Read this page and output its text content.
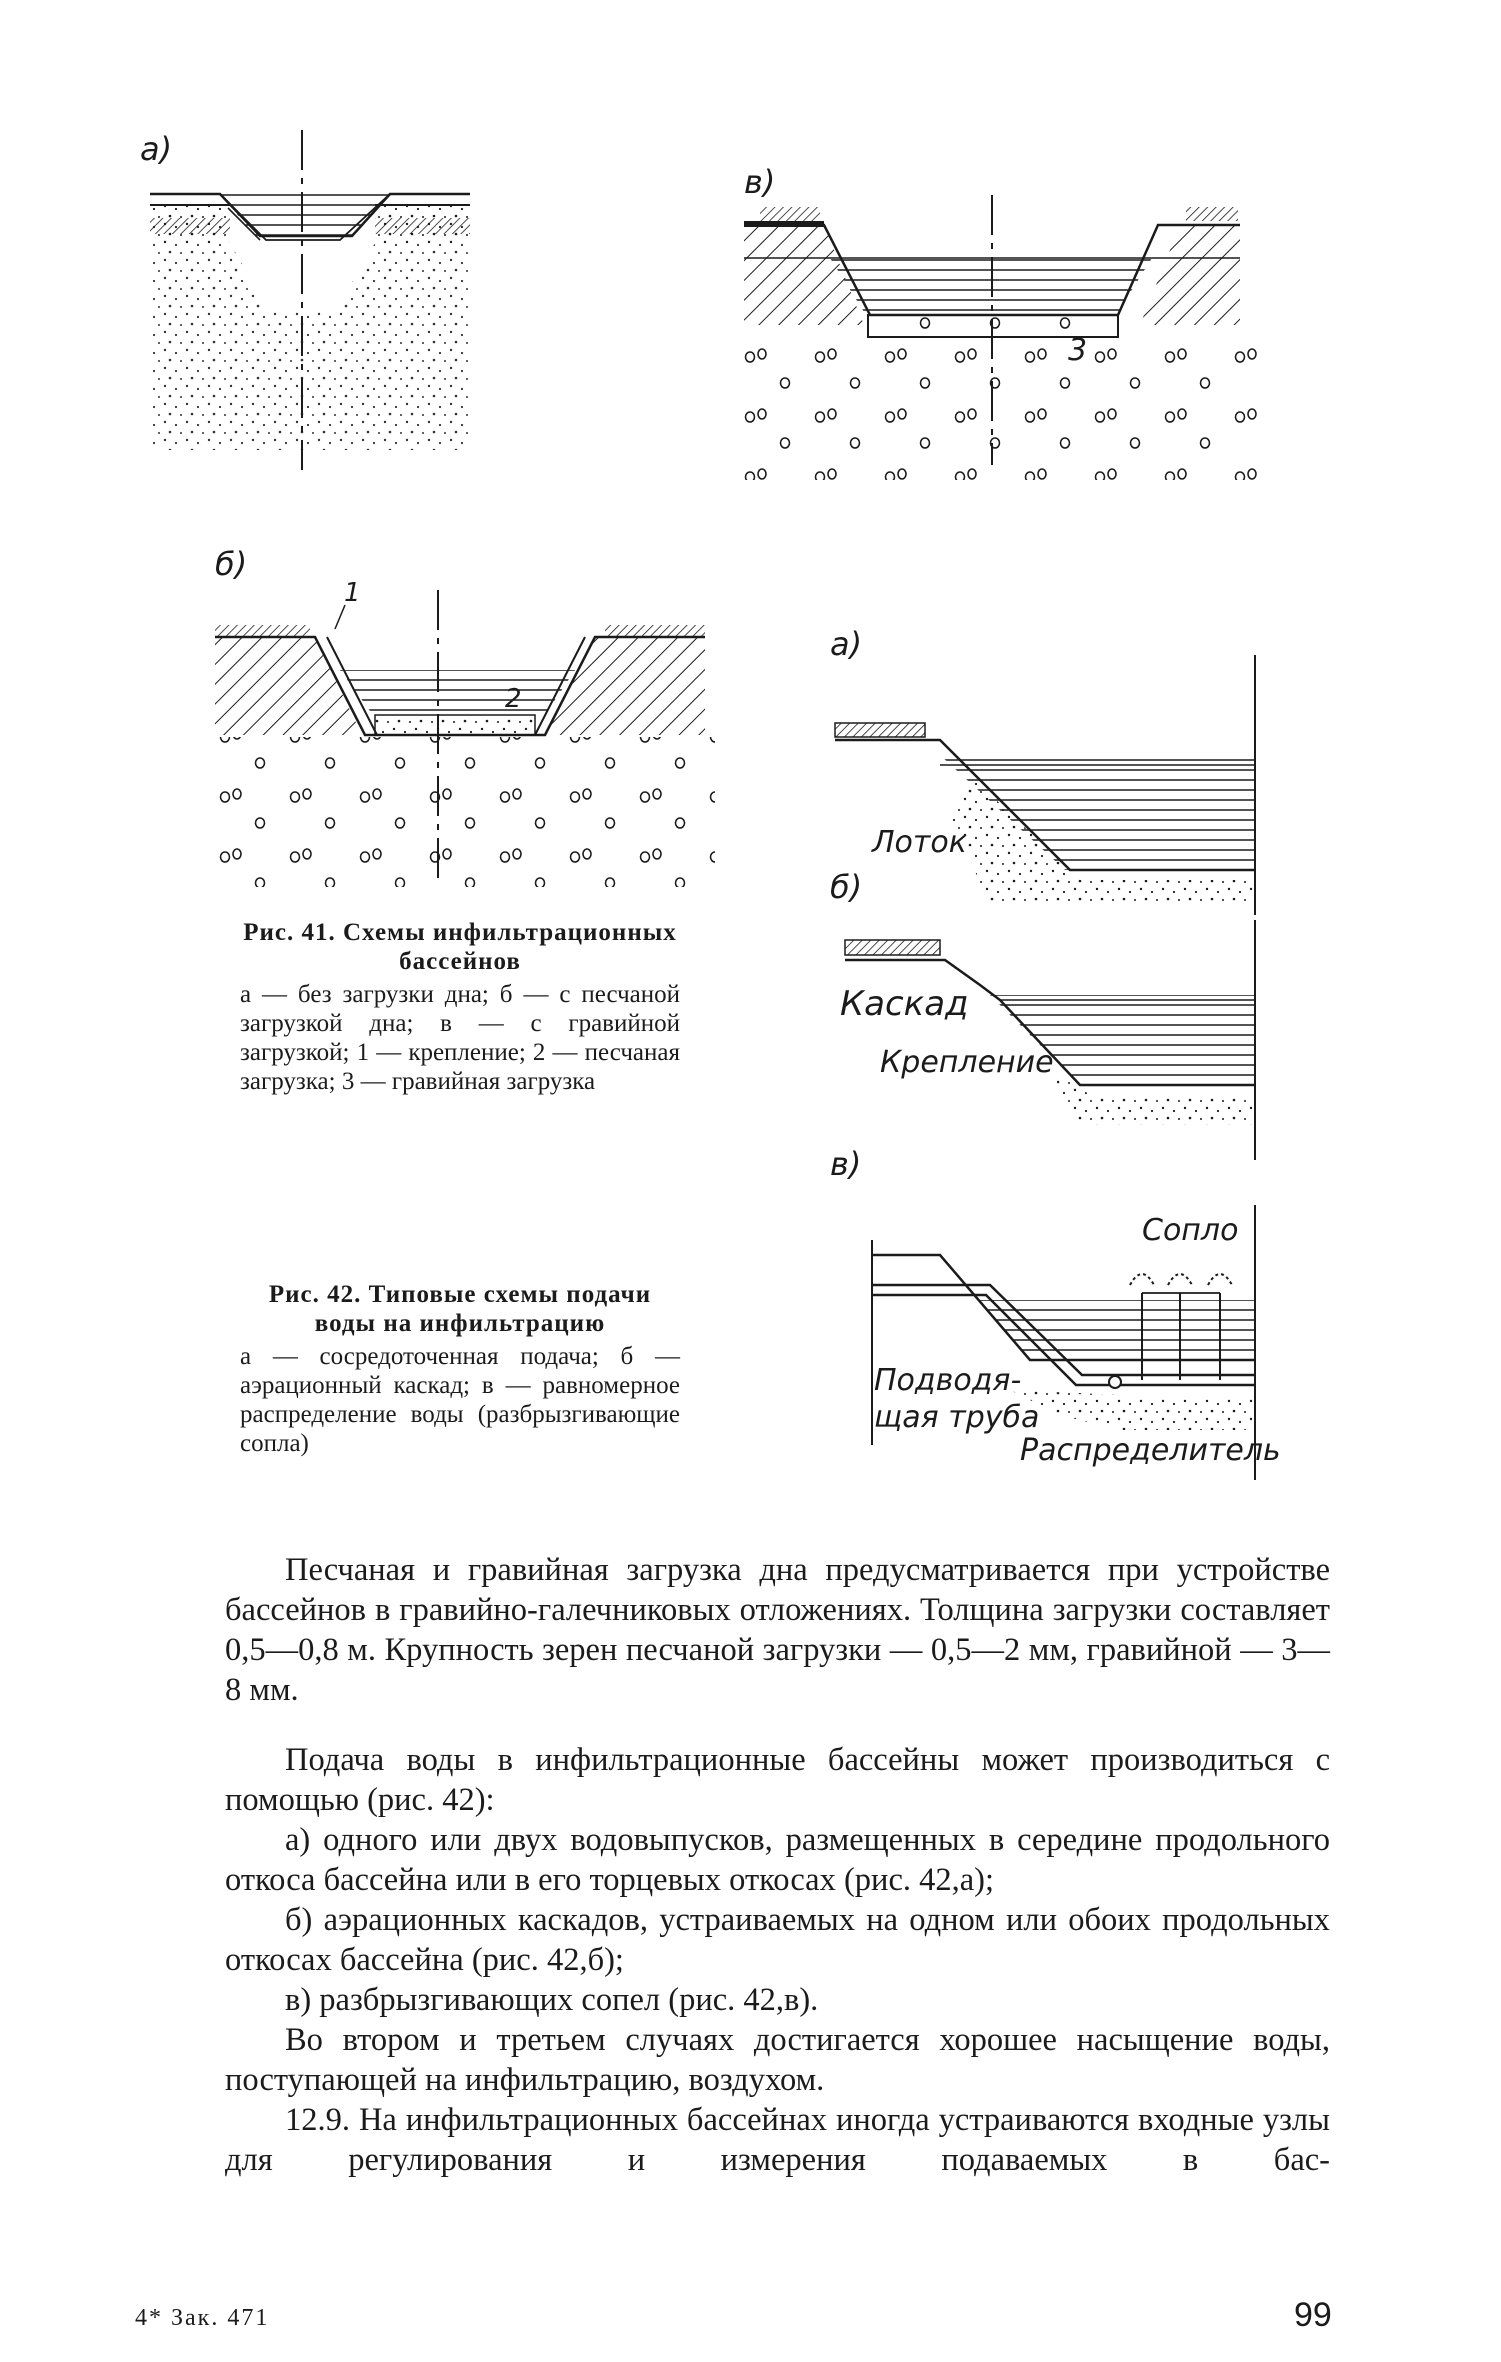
а)
в)
3
б)
1
2
Рис. 41. Схемы инфильтрационных бассейнов
а — без загрузки дна; б — с песчаной загрузкой дна; в — с гравийной загрузкой; 1 — крепление; 2 — песчаная загрузка; 3 — гравийная загрузка
а)
Лоток
б)
Каскад
Крепление
в)
Сопло
Подводя-
щая труба
Распределитель
Рис. 42. Типовые схемы подачи воды на инфильтрацию
а — сосредоточенная подача; б — аэрационный каскад; в — равномерное распределение воды (разбрызгивающие сопла)

Песчаная и гравийная загрузка дна предусматривается при устройстве бассейнов в гравийно-галечниковых отложениях. Толщина загрузки составляет 0,5—0,8 м. Крупность зерен песчаной загрузки — 0,5—2 мм, гравийной — 3—8 мм.

Подача воды в инфильтрационные бассейны может производиться с помощью (рис. 42):

а) одного или двух водовыпусков, размещенных в середине продольного откоса бассейна или в его торцевых откосах (рис. 42,а);

б) аэрационных каскадов, устраиваемых на одном или обоих продольных откосах бассейна (рис. 42,б);

в) разбрызгивающих сопел (рис. 42,в).

Во втором и третьем случаях достигается хорошее насыщение воды, поступающей на инфильтрацию, воздухом.

12.9. На инфильтрационных бассейнах иногда устраиваются входные узлы для регулирования и измерения подаваемых в бас-

4* Зак. 471	99
